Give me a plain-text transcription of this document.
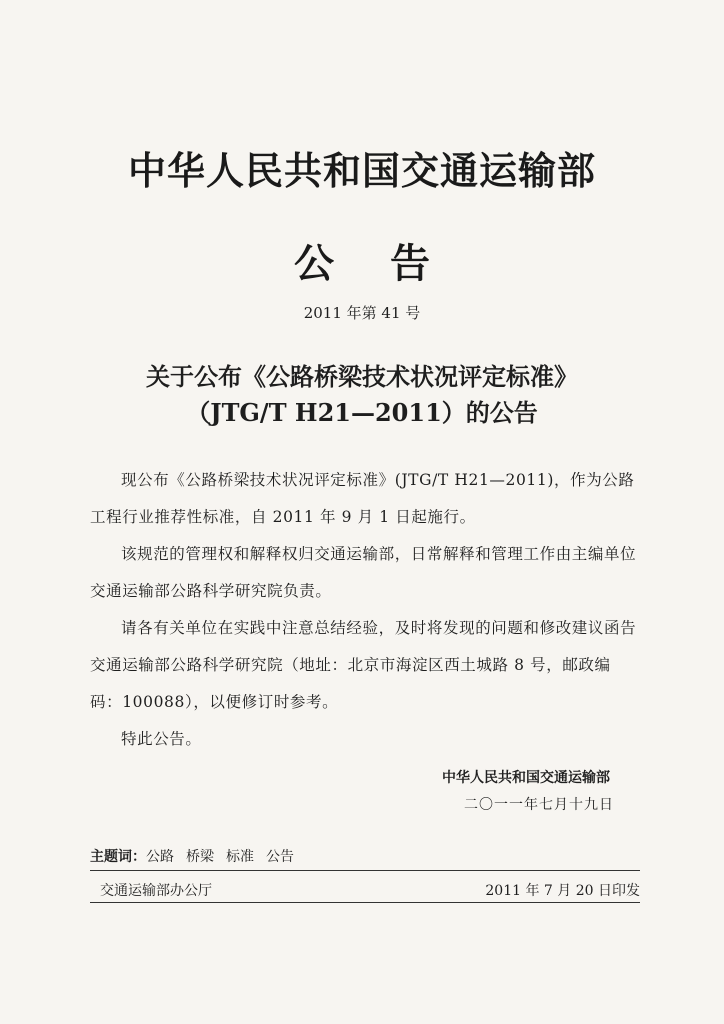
中华人民共和国交通运输部
公 告
2011 年第 41 号
关于公布《公路桥梁技术状况评定标准》
（JTG/T H21—2011）的公告

现公布《公路桥梁技术状况评定标准》(JTG/T H21—2011)，作为公路工程行业推荐性标准，自 2011 年 9 月 1 日起施行。

该规范的管理权和解释权归交通运输部，日常解释和管理工作由主编单位交通运输部公路科学研究院负责。

请各有关单位在实践中注意总结经验，及时将发现的问题和修改建议函告交通运输部公路科学研究院（地址：北京市海淀区西土城路 8 号，邮政编码：100088），以便修订时参考。

特此公告。

中华人民共和国交通运输部
二〇一一年七月十九日
主题词：公路 桥梁 标准 公告
交通运输部办公厅	2011 年 7 月 20 日印发
